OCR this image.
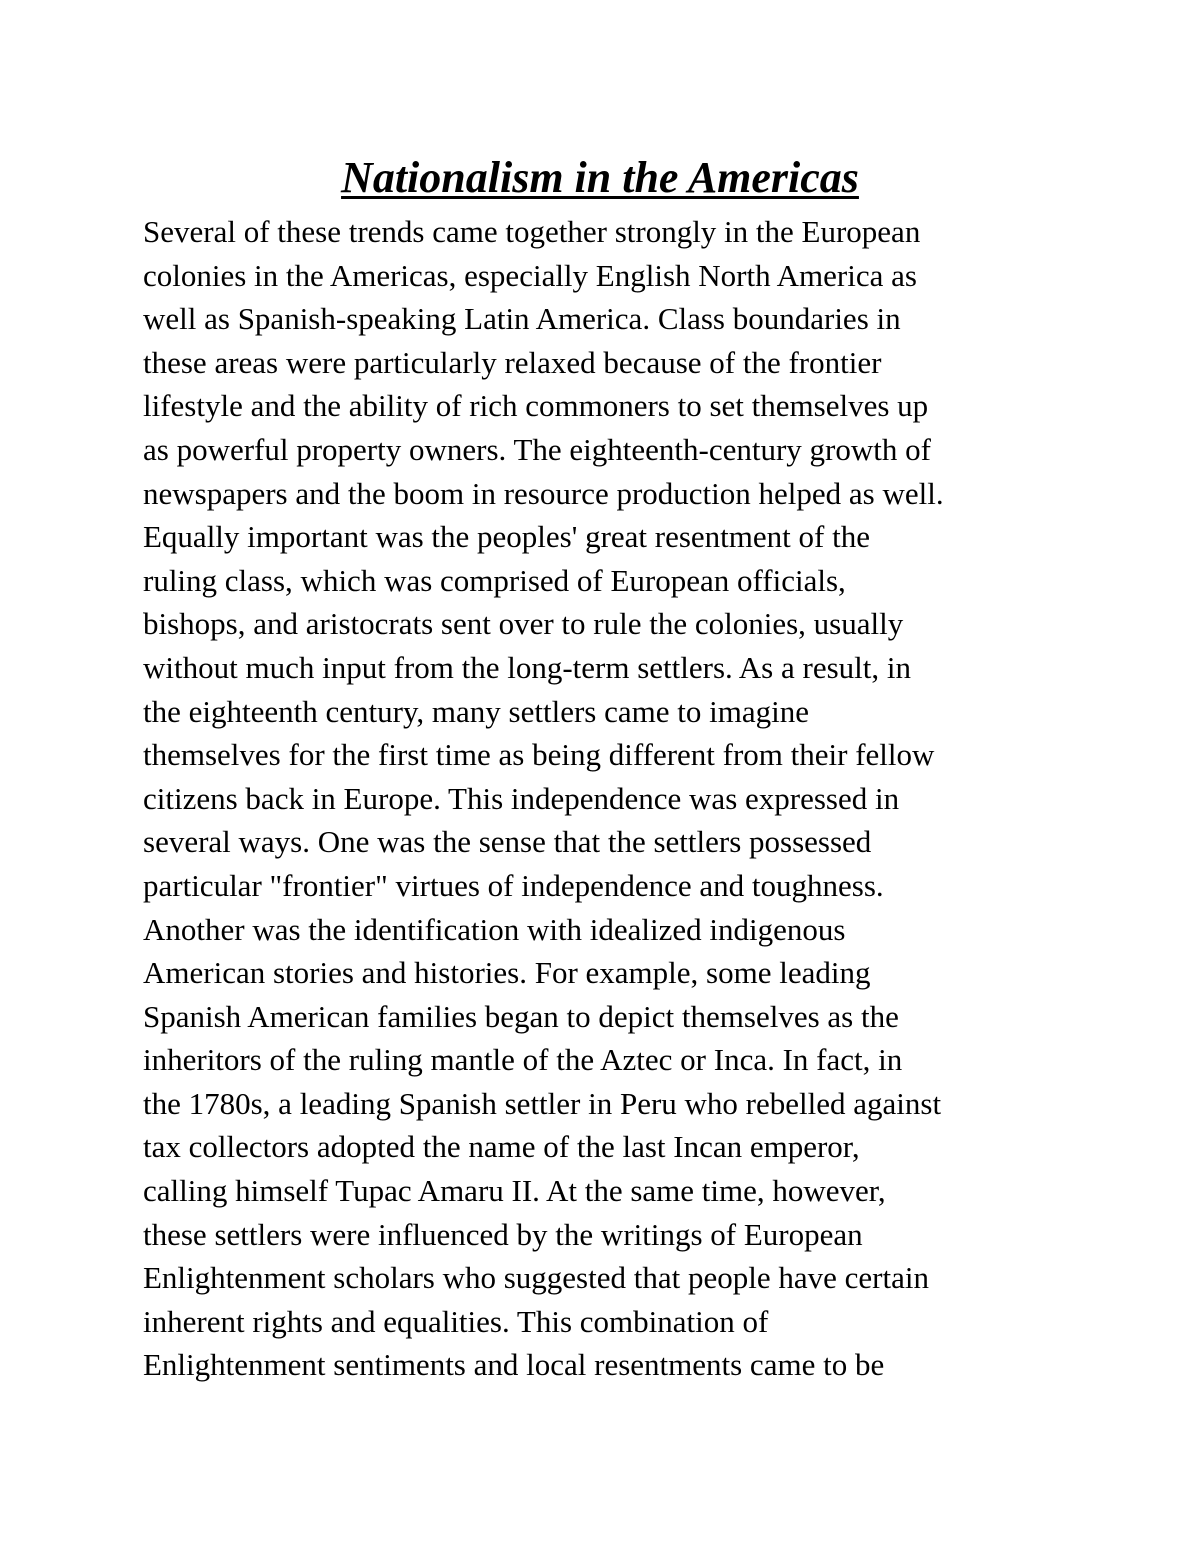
Nationalism in the Americas
Several of these trends came together strongly in the European
colonies in the Americas, especially English North America as
well as Spanish-speaking Latin America. Class boundaries in
these areas were particularly relaxed because of the frontier
lifestyle and the ability of rich commoners to set themselves up
as powerful property owners. The eighteenth-century growth of
newspapers and the boom in resource production helped as well.
Equally important was the peoples' great resentment of the
ruling class, which was comprised of European officials,
bishops, and aristocrats sent over to rule the colonies, usually
without much input from the long-term settlers. As a result, in
the eighteenth century, many settlers came to imagine
themselves for the first time as being different from their fellow
citizens back in Europe. This independence was expressed in
several ways. One was the sense that the settlers possessed
particular "frontier" virtues of independence and toughness.
Another was the identification with idealized indigenous
American stories and histories. For example, some leading
Spanish American families began to depict themselves as the
inheritors of the ruling mantle of the Aztec or Inca. In fact, in
the 1780s, a leading Spanish settler in Peru who rebelled against
tax collectors adopted the name of the last Incan emperor,
calling himself Tupac Amaru II. At the same time, however,
these settlers were influenced by the writings of European
Enlightenment scholars who suggested that people have certain
inherent rights and equalities. This combination of
Enlightenment sentiments and local resentments came to be
